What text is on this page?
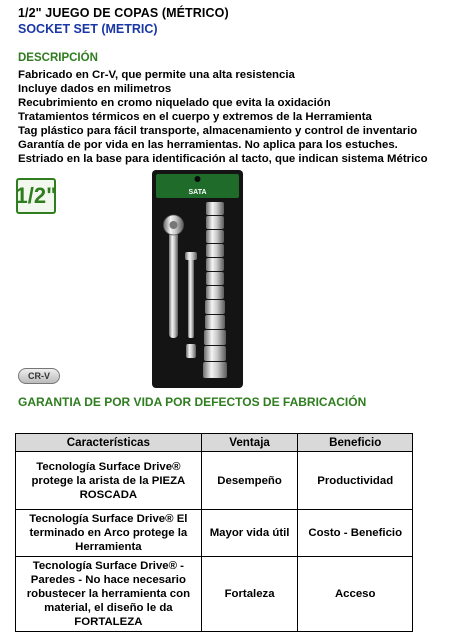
1/2" JUEGO DE COPAS (MÉTRICO)
SOCKET SET (METRIC)
DESCRIPCIÓN
Fabricado en Cr-V, que permite una alta resistencia
Incluye dados en milimetros
Recubrimiento en cromo niquelado que evita la oxidación
Tratamientos térmicos en el cuerpo y extremos de la Herramienta
Tag plástico para fácil transporte, almacenamiento y control de inventario
Garantía de por vida en las herramientas. No aplica para los estuches.
Estriado en la base para identificación al tacto, que indican sistema Métrico
1/2"	SATA
CR-V
GARANTIA DE POR VIDA POR DEFECTOS DE FABRICACIÓN
Características	Ventaja	Beneficio
Tecnología Surface Drive® protege la arista de la PIEZA ROSCADA	Desempeño	Productividad
Tecnología Surface Drive® El terminado en Arco protege la Herramienta	Mayor vida útil	Costo - Beneficio
Tecnología Surface Drive® - Paredes - No hace necesario robustecer la herramienta con material, el diseño le da FORTALEZA	Fortaleza	Acceso
